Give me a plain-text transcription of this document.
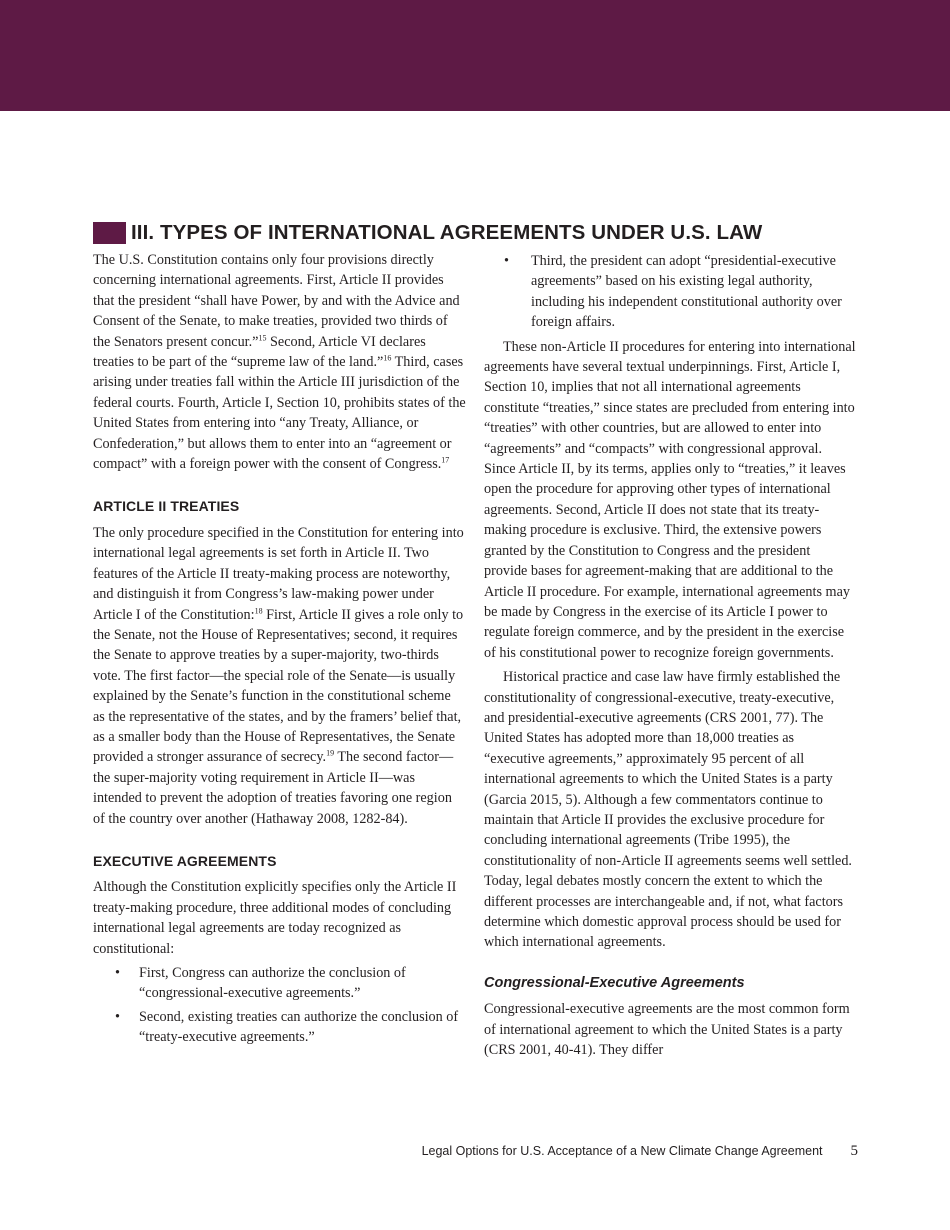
III. TYPES OF INTERNATIONAL AGREEMENTS UNDER U.S. LAW

The U.S. Constitution contains only four provisions directly concerning international agreements. First, Article II provides that the president “shall have Power, by and with the Advice and Consent of the Senate, to make treaties, provided two thirds of the Senators present concur.”$^{15}$ Second, Article VI declares treaties to be part of the “supreme law of the land.”$^{16}$ Third, cases arising under treaties fall within the Article III jurisdiction of the federal courts. Fourth, Article I, Section 10, prohibits states of the United States from entering into “any Treaty, Alliance, or Confederation,” but allows them to enter into an “agreement or compact” with a foreign power with the consent of Congress.$^{17}$

ARTICLE II TREATIES

The only procedure specified in the Constitution for entering into international legal agreements is set forth in Article II. Two features of the Article II treaty-making process are noteworthy, and distinguish it from Congress’s law-making power under Article I of the Constitution:$^{18}$ First, Article II gives a role only to the Senate, not the House of Representatives; second, it requires the Senate to approve treaties by a super-majority, two-thirds vote. The first factor—the special role of the Senate—is usually explained by the Senate’s function in the constitutional scheme as the representative of the states, and by the framers’ belief that, as a smaller body than the House of Representatives, the Senate provided a stronger assurance of secrecy.$^{19}$ The second factor—the super-majority voting requirement in Article II—was intended to prevent the adoption of treaties favoring one region of the country over another (Hathaway 2008, 1282-84).

EXECUTIVE AGREEMENTS

Although the Constitution explicitly specifies only the Article II treaty-making procedure, three additional modes of concluding international legal agreements are today recognized as constitutional:

• First, Congress can authorize the conclusion of “congressional-executive agreements.”
• Second, existing treaties can authorize the conclusion of “treaty-executive agreements.”
• Third, the president can adopt “presidential-executive agreements” based on his existing legal authority, including his independent constitutional authority over foreign affairs.

These non-Article II procedures for entering into international agreements have several textual underpinnings. First, Article I, Section 10, implies that not all international agreements constitute “treaties,” since states are precluded from entering into “treaties” with other countries, but are allowed to enter into “agreements” and “compacts” with congressional approval. Since Article II, by its terms, applies only to “treaties,” it leaves open the procedure for approving other types of international agreements. Second, Article II does not state that its treaty-making procedure is exclusive. Third, the extensive powers granted by the Constitution to Congress and the president provide bases for agreement-making that are additional to the Article II procedure. For example, international agreements may be made by Congress in the exercise of its Article I power to regulate foreign commerce, and by the president in the exercise of his constitutional power to recognize foreign governments.

Historical practice and case law have firmly established the constitutionality of congressional-executive, treaty-executive, and presidential-executive agreements (CRS 2001, 77). The United States has adopted more than 18,000 treaties as “executive agreements,” approximately 95 percent of all international agreements to which the United States is a party (Garcia 2015, 5). Although a few commentators continue to maintain that Article II provides the exclusive procedure for concluding international agreements (Tribe 1995), the constitutionality of non-Article II agreements seems well settled. Today, legal debates mostly concern the extent to which the different processes are interchangeable and, if not, what factors determine which domestic approval process should be used for which international agreements.

Congressional-Executive Agreements

Congressional-executive agreements are the most common form of international agreement to which the United States is a party (CRS 2001, 40-41). They differ

Legal Options for U.S. Acceptance of a New Climate Change Agreement 5
